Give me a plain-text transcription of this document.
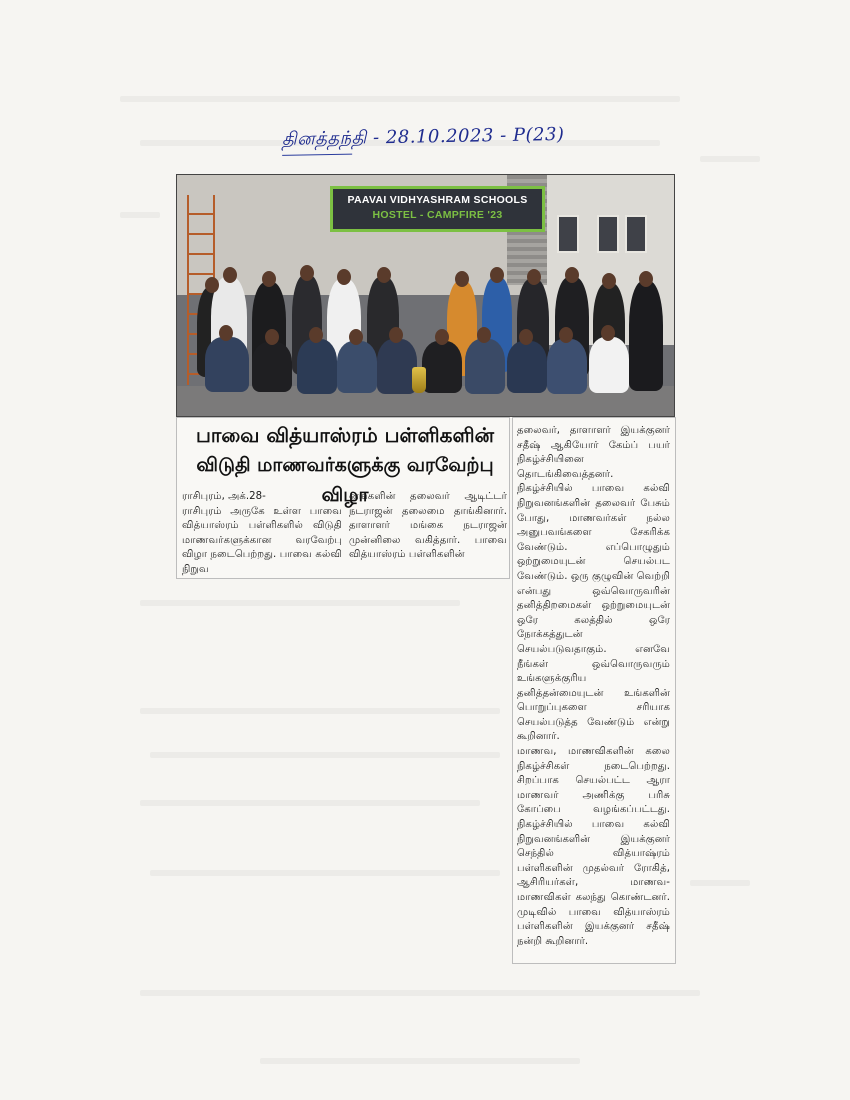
தினத்தந்தி - 28.10.2023 - P(23)
PAAVAI VIDHYASHRAM SCHOOLS
HOSTEL - CAMPFIRE '23
பாவை வித்யாஸ்ரம் பள்ளிகளின்
விடுதி மாணவர்களுக்கு வரவேற்பு விழா
ராசிபுரம், அக்.28-
ராசிபுரம் அருகே உள்ள பாவை வித்யாஸ்ரம் பள்ளிகளில் விடுதி மாணவர்களுக்கான வரவேற்பு விழா நடைபெற்றது. பாவை கல்வி நிறுவ
னங்களின் தலைவர் ஆடிட்டர் நடராஜன் தலைமை தாங்கினார். தாளாளர் மங்கை நடராஜன் முன்னிலை வகித்தார். பாவை வித்யாஸ்ரம் பள்ளிகளின்
தலைவர், தாளாளர் இயக்குனர் சதீஷ் ஆகியோர் கேம்ப் பயர் நிகழ்ச்சியினை தொடங்கிவைத்தனர். நிகழ்ச்சியில் பாவை கல்வி நிறுவனங்களின் தலைவர் பேசும் போது, மாணவர்கள் நல்ல அனுபவங்களை சேகரிக்க வேண்டும். எப்பொழுதும் ஒற்றுமையுடன் செயல்பட வேண்டும். ஒரு குழுவின் வெற்றி என்பது ஒவ்வொருவரின் தனித்திறமைகள் ஒற்றுமையுடன் ஒரே கலத்தில் ஒரே நோக்கத்துடன் செயல்படுவதாகும். எனவே நீங்கள் ஒவ்வொருவரும் உங்களுக்குரிய தனித்தன்மையுடன் உங்களின் பொறுப்புகளை சரியாக செயல்படுத்த வேண்டும் என்று கூறினார்.
மாணவ, மாணவிகளின் கலை நிகழ்ச்சிகள் நடைபெற்றது. சிறப்பாக செயல்பட்ட ஆரா மாணவர் அணிக்கு பரிசு கோப்பை வழங்கப்பட்டது. நிகழ்ச்சியில் பாவை கல்வி நிறுவனங்களின் இயக்குனர் செந்தில் வித்யாஷ்ரம் பள்ளிகளின் முதல்வர் ரோகித், ஆசிரியர்கள், மாணவ-மாணவிகள் கலந்து கொண்டனர். முடிவில் பாவை வித்யாஸ்ரம் பள்ளிகளின் இயக்குனர் சதீஷ் நன்றி கூறினார்.
